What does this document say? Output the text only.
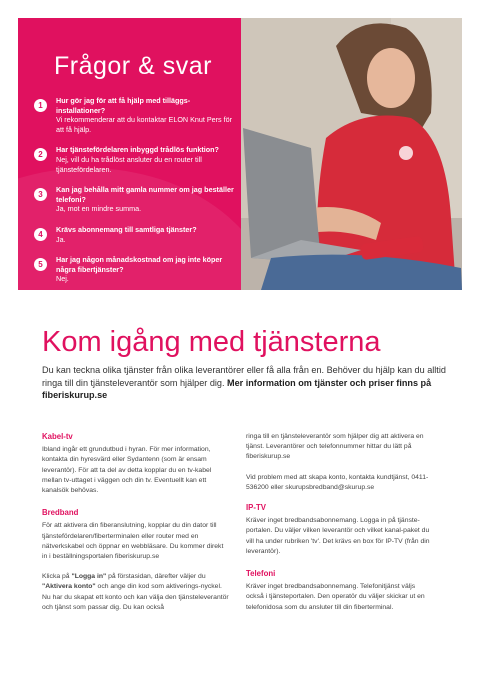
Frågor & svar
1
Hur gör jag för att få hjälp med tilläggs-installationer?
Vi rekommenderar att du kontaktar ELON Knut Pers för att få hjälp.
2
Har tjänstefördelaren inbyggd trådlös funktion?
Nej, vill du ha trådlöst ansluter du en router till tjänstefördelaren.
3
Kan jag behålla mitt gamla nummer om jag beställer telefoni?
Ja, mot en mindre summa.
4
Krävs abonnemang till samtliga tjänster?
Ja.
5
Har jag någon månadskostnad om jag inte köper några fibertjänster?
Nej.
Kom igång med tjänsterna
Du kan teckna olika tjänster från olika leverantörer eller få alla från en. Behöver du hjälp kan du alltid ringa till din tjänsteleverantör som hjälper dig. Mer information om tjänster och priser finns på fiberiskurup.se
Kabel-tv
Ibland ingår ett grundutbud i hyran. För mer information, kontakta din hyresvärd eller Sydantenn (som är ensam leverantör). För att ta del av detta kopplar du en tv-kabel mellan tv-uttaget i väggen och din tv. Eventuellt kan ett kanalsök behövas.
Bredband

För att aktivera din fiberanslutning, kopplar du din dator till tjänstefördelaren/fiberterminalen eller router med en nätverkskabel och öppnar en webbläsare. Du kommer direkt in i beställningsportalen fiberiskurup.se

Klicka på "Logga in" på förstasidan, därefter väljer du "Aktivera konto" och ange din kod som aktiverings-nyckel. Nu har du skapat ett konto och kan välja den tjänsteleverantör och tjänst som passar dig. Du kan också

ringa till en tjänsteleverantör som hjälper dig att aktivera en tjänst. Leverantörer och telefonnummer hittar du lätt på fiberiskurup.se

Vid problem med att skapa konto, kontakta kundtjänst, 0411-536200 eller skurupsbredband@skurup.se

IP-TV
Kräver inget bredbandsabonnemang. Logga in på tjänste-portalen. Du väljer vilken leverantör och vilket kanal-paket du vill ha under rubriken 'tv'. Det krävs en box för IP-TV (från din leverantör).
Telefoni
Kräver inget bredbandsabonnemang. Telefonitjänst väljs också i tjänsteportalen. Den operatör du väljer skickar ut en telefonidosa som du ansluter till din fiberterminal.
